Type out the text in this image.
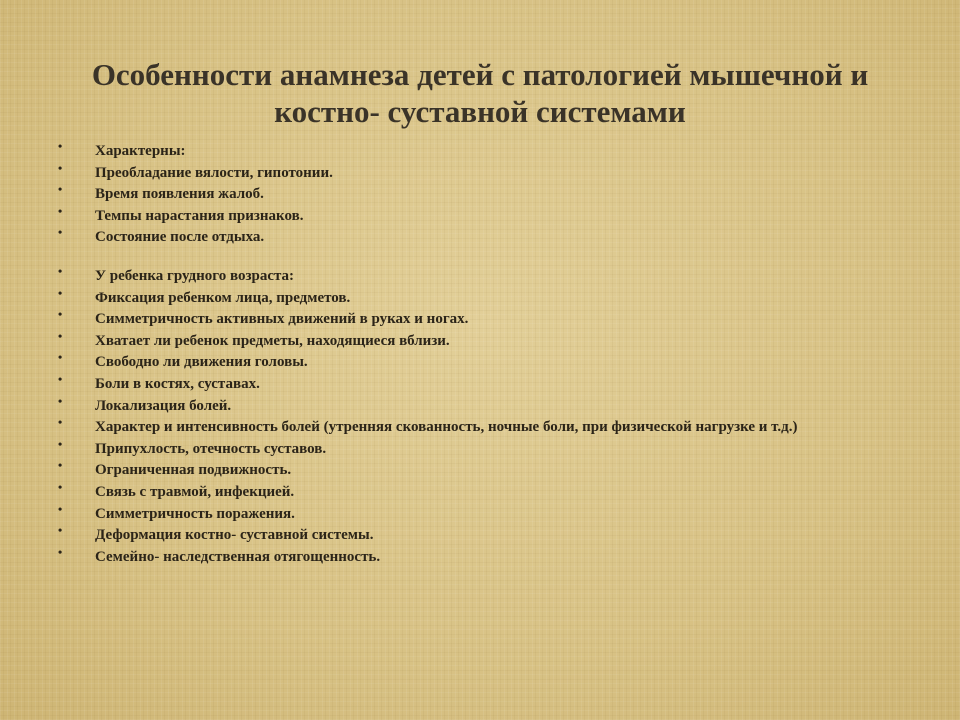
Особенности анамнеза детей с патологией мышечной и
костно- суставной системами
• Характерны:
• Преобладание вялости, гипотонии.
• Время появления жалоб.
• Темпы нарастания признаков.
• Состояние после отдыха.
• У ребенка грудного возраста:
• Фиксация ребенком лица, предметов.
• Симметричность активных движений в руках и ногах.
• Хватает ли ребенок предметы, находящиеся вблизи.
• Свободно ли движения головы.
• Боли в костях, суставах.
• Локализация болей.
• Характер и интенсивность болей (утренняя скованность, ночные боли, при физической нагрузке и т.д.)
• Припухлость, отечность суставов.
• Ограниченная подвижность.
• Связь с травмой, инфекцией.
• Симметричность поражения.
• Деформация костно- суставной системы.
• Семейно- наследственная отягощенность.
